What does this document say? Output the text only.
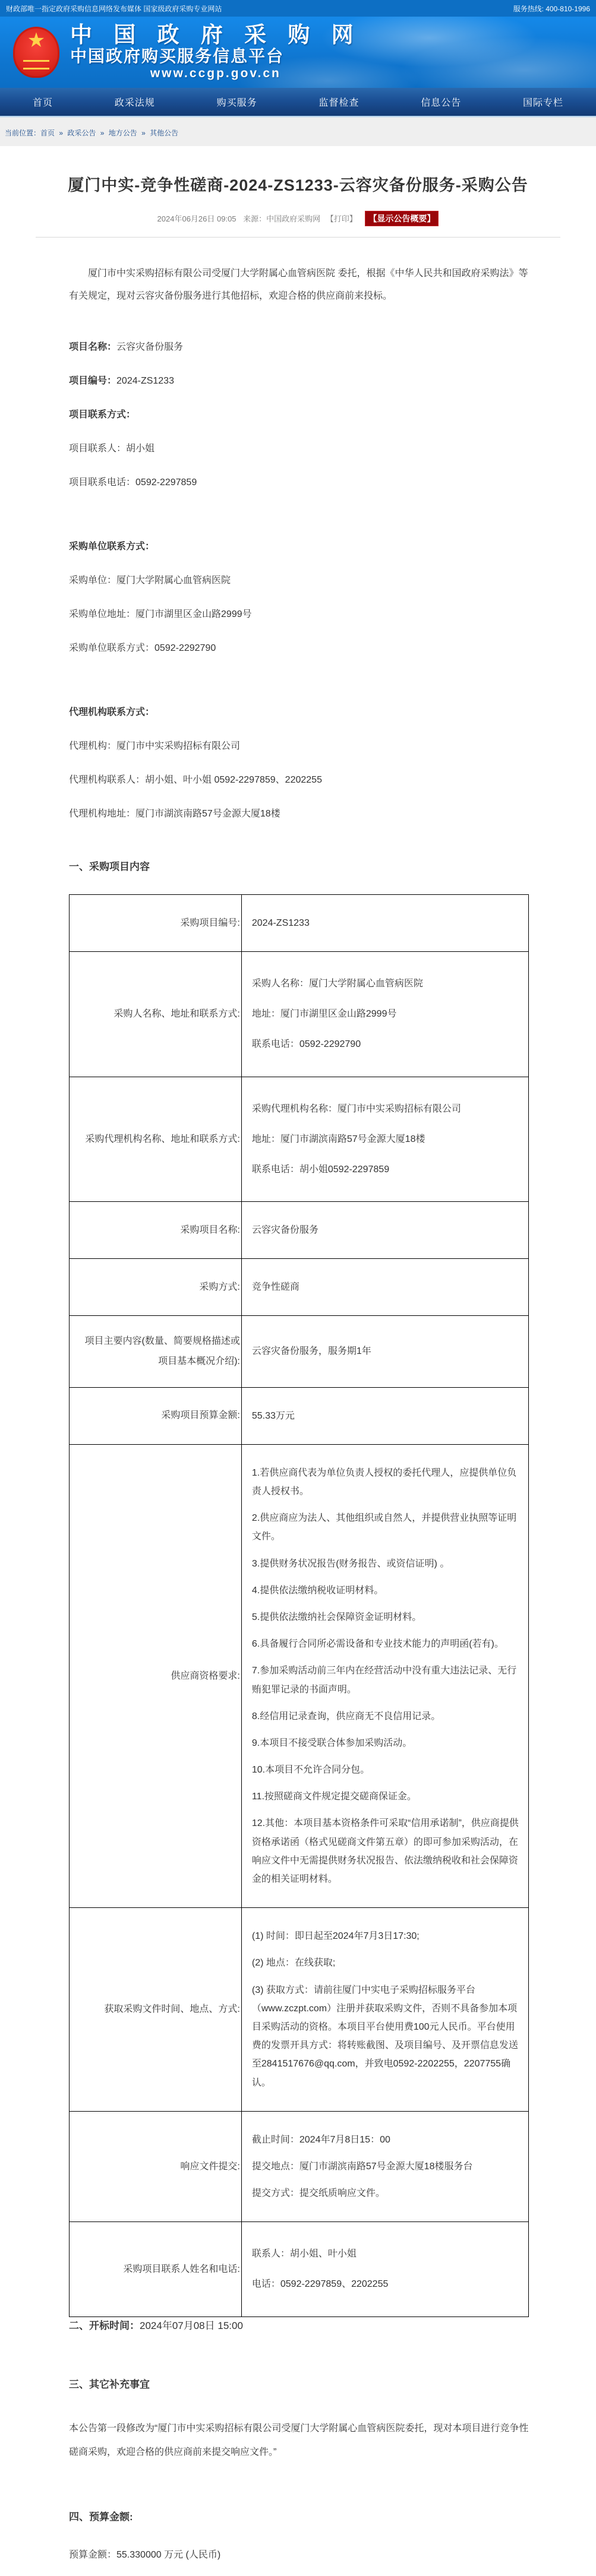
财政部唯一指定政府采购信息网络发布媒体 国家级政府采购专业网站	服务热线: 400-810-1996
★	中 国 政 府 采 购 网
中国政府购买服务信息平台
www.ccgp.gov.cn
首页	政采法规	购买服务	监督检查	信息公告	国际专栏
当前位置：首页 » 政采公告 » 地方公告 » 其他公告
厦门中实-竞争性磋商-2024-ZS1233-云容灾备份服务-采购公告
2024年06月26日 09:05 来源：中国政府采购网 【打印】 【显示公告概要】

厦门市中实采购招标有限公司受厦门大学附属心血管病医院 委托，根据《中华人民共和国政府采购法》等有关规定，现对云容灾备份服务进行其他招标，欢迎合格的供应商前来投标。

项目名称：云容灾备份服务

项目编号：2024-ZS1233

项目联系方式：

项目联系人：胡小姐

项目联系电话：0592-2297859

采购单位联系方式：

采购单位：厦门大学附属心血管病医院

采购单位地址：厦门市湖里区金山路2999号

采购单位联系方式：0592-2292790

代理机构联系方式：

代理机构：厦门市中实采购招标有限公司

代理机构联系人：胡小姐、叶小姐 0592-2297859、2202255

代理机构地址：厦门市湖滨南路57号金源大厦18楼

一、采购项目内容
采购项目编号:	2024-ZS1233

采购人名称、地址和联系方式:	采购人名称：厦门大学附属心血管病医院

地址：厦门市湖里区金山路2999号

联系电话：0592-2292790

采购代理机构名称、地址和联系方式:	采购代理机构名称：厦门市中实采购招标有限公司

地址：厦门市湖滨南路57号金源大厦18楼

联系电话：胡小姐0592-2297859

采购项目名称:	云容灾备份服务

采购方式:	竞争性磋商

项目主要内容(数量、简要规格描述或项目基本概况介绍):	云容灾备份服务，服务期1年

采购项目预算金额:	55.33万元

供应商资格要求:	

1.若供应商代表为单位负责人授权的委托代理人，应提供单位负责人授权书。

2.供应商应为法人、其他组织或自然人，并提供营业执照等证明文件。

3.提供财务状况报告(财务报告、或资信证明) 。

4.提供依法缴纳税收证明材料。

5.提供依法缴纳社会保障资金证明材料。

6.具备履行合同所必需设备和专业技术能力的声明函(若有)。

7.参加采购活动前三年内在经营活动中没有重大违法记录、无行贿犯罪记录的书面声明。

8.经信用记录查询，供应商无不良信用记录。

9.本项目不接受联合体参加采购活动。

10.本项目不允许合同分包。

11.按照磋商文件规定提交磋商保证金。

12.其他：本项目基本资格条件可采取“信用承诺制”，供应商提供资格承诺函（格式见磋商文件第五章）的即可参加采购活动，在响应文件中无需提供财务状况报告、依法缴纳税收和社会保障资金的相关证明材料。

获取采购文件时间、地点、方式:	(1) 时间：即日起至2024年7月3日17:30;

(2) 地点：在线获取;

(3) 获取方式：请前往厦门中实电子采购招标服务平台（www.zczpt.com）注册并获取采购文件，否则不具备参加本项目采购活动的资格。本项目平台使用费100元人民币。平台使用费的发票开具方式：将转账截图、及项目编号、及开票信息发送至2841517676@qq.com，并致电0592-2202255，2207755确认。

响应文件提交:	截止时间：2024年7月8日15：00

提交地点：厦门市湖滨南路57号金源大厦18楼服务台

提交方式：提交纸质响应文件。

采购项目联系人姓名和电话:	联系人：胡小姐、叶小姐

电话：0592-2297859、2202255

二、开标时间：2024年07月08日 15:00

三、其它补充事宜

本公告第一段修改为“厦门市中实采购招标有限公司受厦门大学附属心血管病医院委托，现对本项目进行竞争性磋商采购，欢迎合格的供应商前来提交响应文件。”

四、预算金额:

预算金额：55.330000 万元 (人民币)
